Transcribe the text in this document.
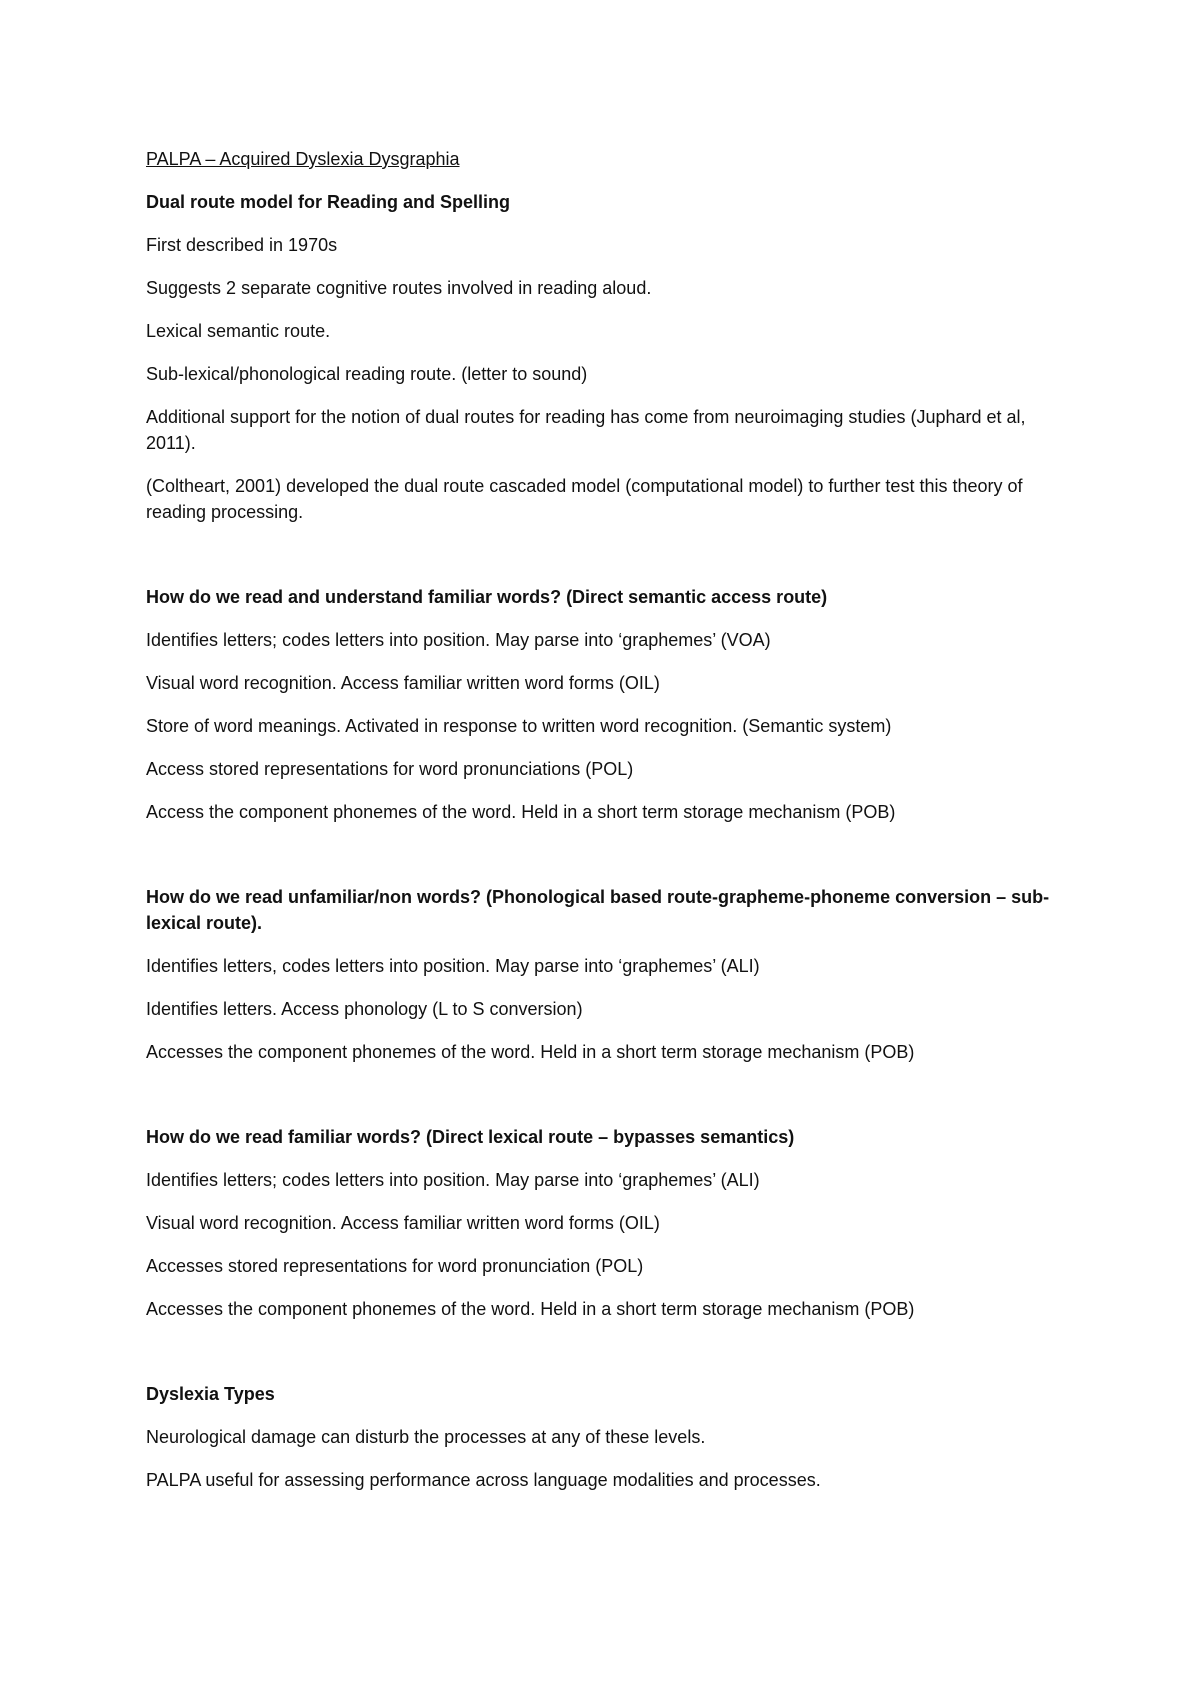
PALPA – Acquired Dyslexia Dysgraphia

Dual route model for Reading and Spelling

First described in 1970s

Suggests 2 separate cognitive routes involved in reading aloud.

Lexical semantic route.

Sub-lexical/phonological reading route. (letter to sound)

Additional support for the notion of dual routes for reading has come from neuroimaging studies (Juphard et al, 2011).

(Coltheart, 2001) developed the dual route cascaded model (computational model) to further test this theory of reading processing.

How do we read and understand familiar words? (Direct semantic access route)

Identifies letters; codes letters into position. May parse into ‘graphemes’ (VOA)

Visual word recognition. Access familiar written word forms (OIL)

Store of word meanings. Activated in response to written word recognition. (Semantic system)

Access stored representations for word pronunciations (POL)

Access the component phonemes of the word. Held in a short term storage mechanism (POB)

How do we read unfamiliar/non words? (Phonological based route-grapheme-phoneme conversion – sub-lexical route).

Identifies letters, codes letters into position. May parse into ‘graphemes’ (ALI)

Identifies letters. Access phonology (L to S conversion)

Accesses the component phonemes of the word. Held in a short term storage mechanism (POB)

How do we read familiar words? (Direct lexical route – bypasses semantics)

Identifies letters; codes letters into position. May parse into ‘graphemes’ (ALI)

Visual word recognition. Access familiar written word forms (OIL)

Accesses stored representations for word pronunciation (POL)

Accesses the component phonemes of the word. Held in a short term storage mechanism (POB)

Dyslexia Types

Neurological damage can disturb the processes at any of these levels.

PALPA useful for assessing performance across language modalities and processes.
